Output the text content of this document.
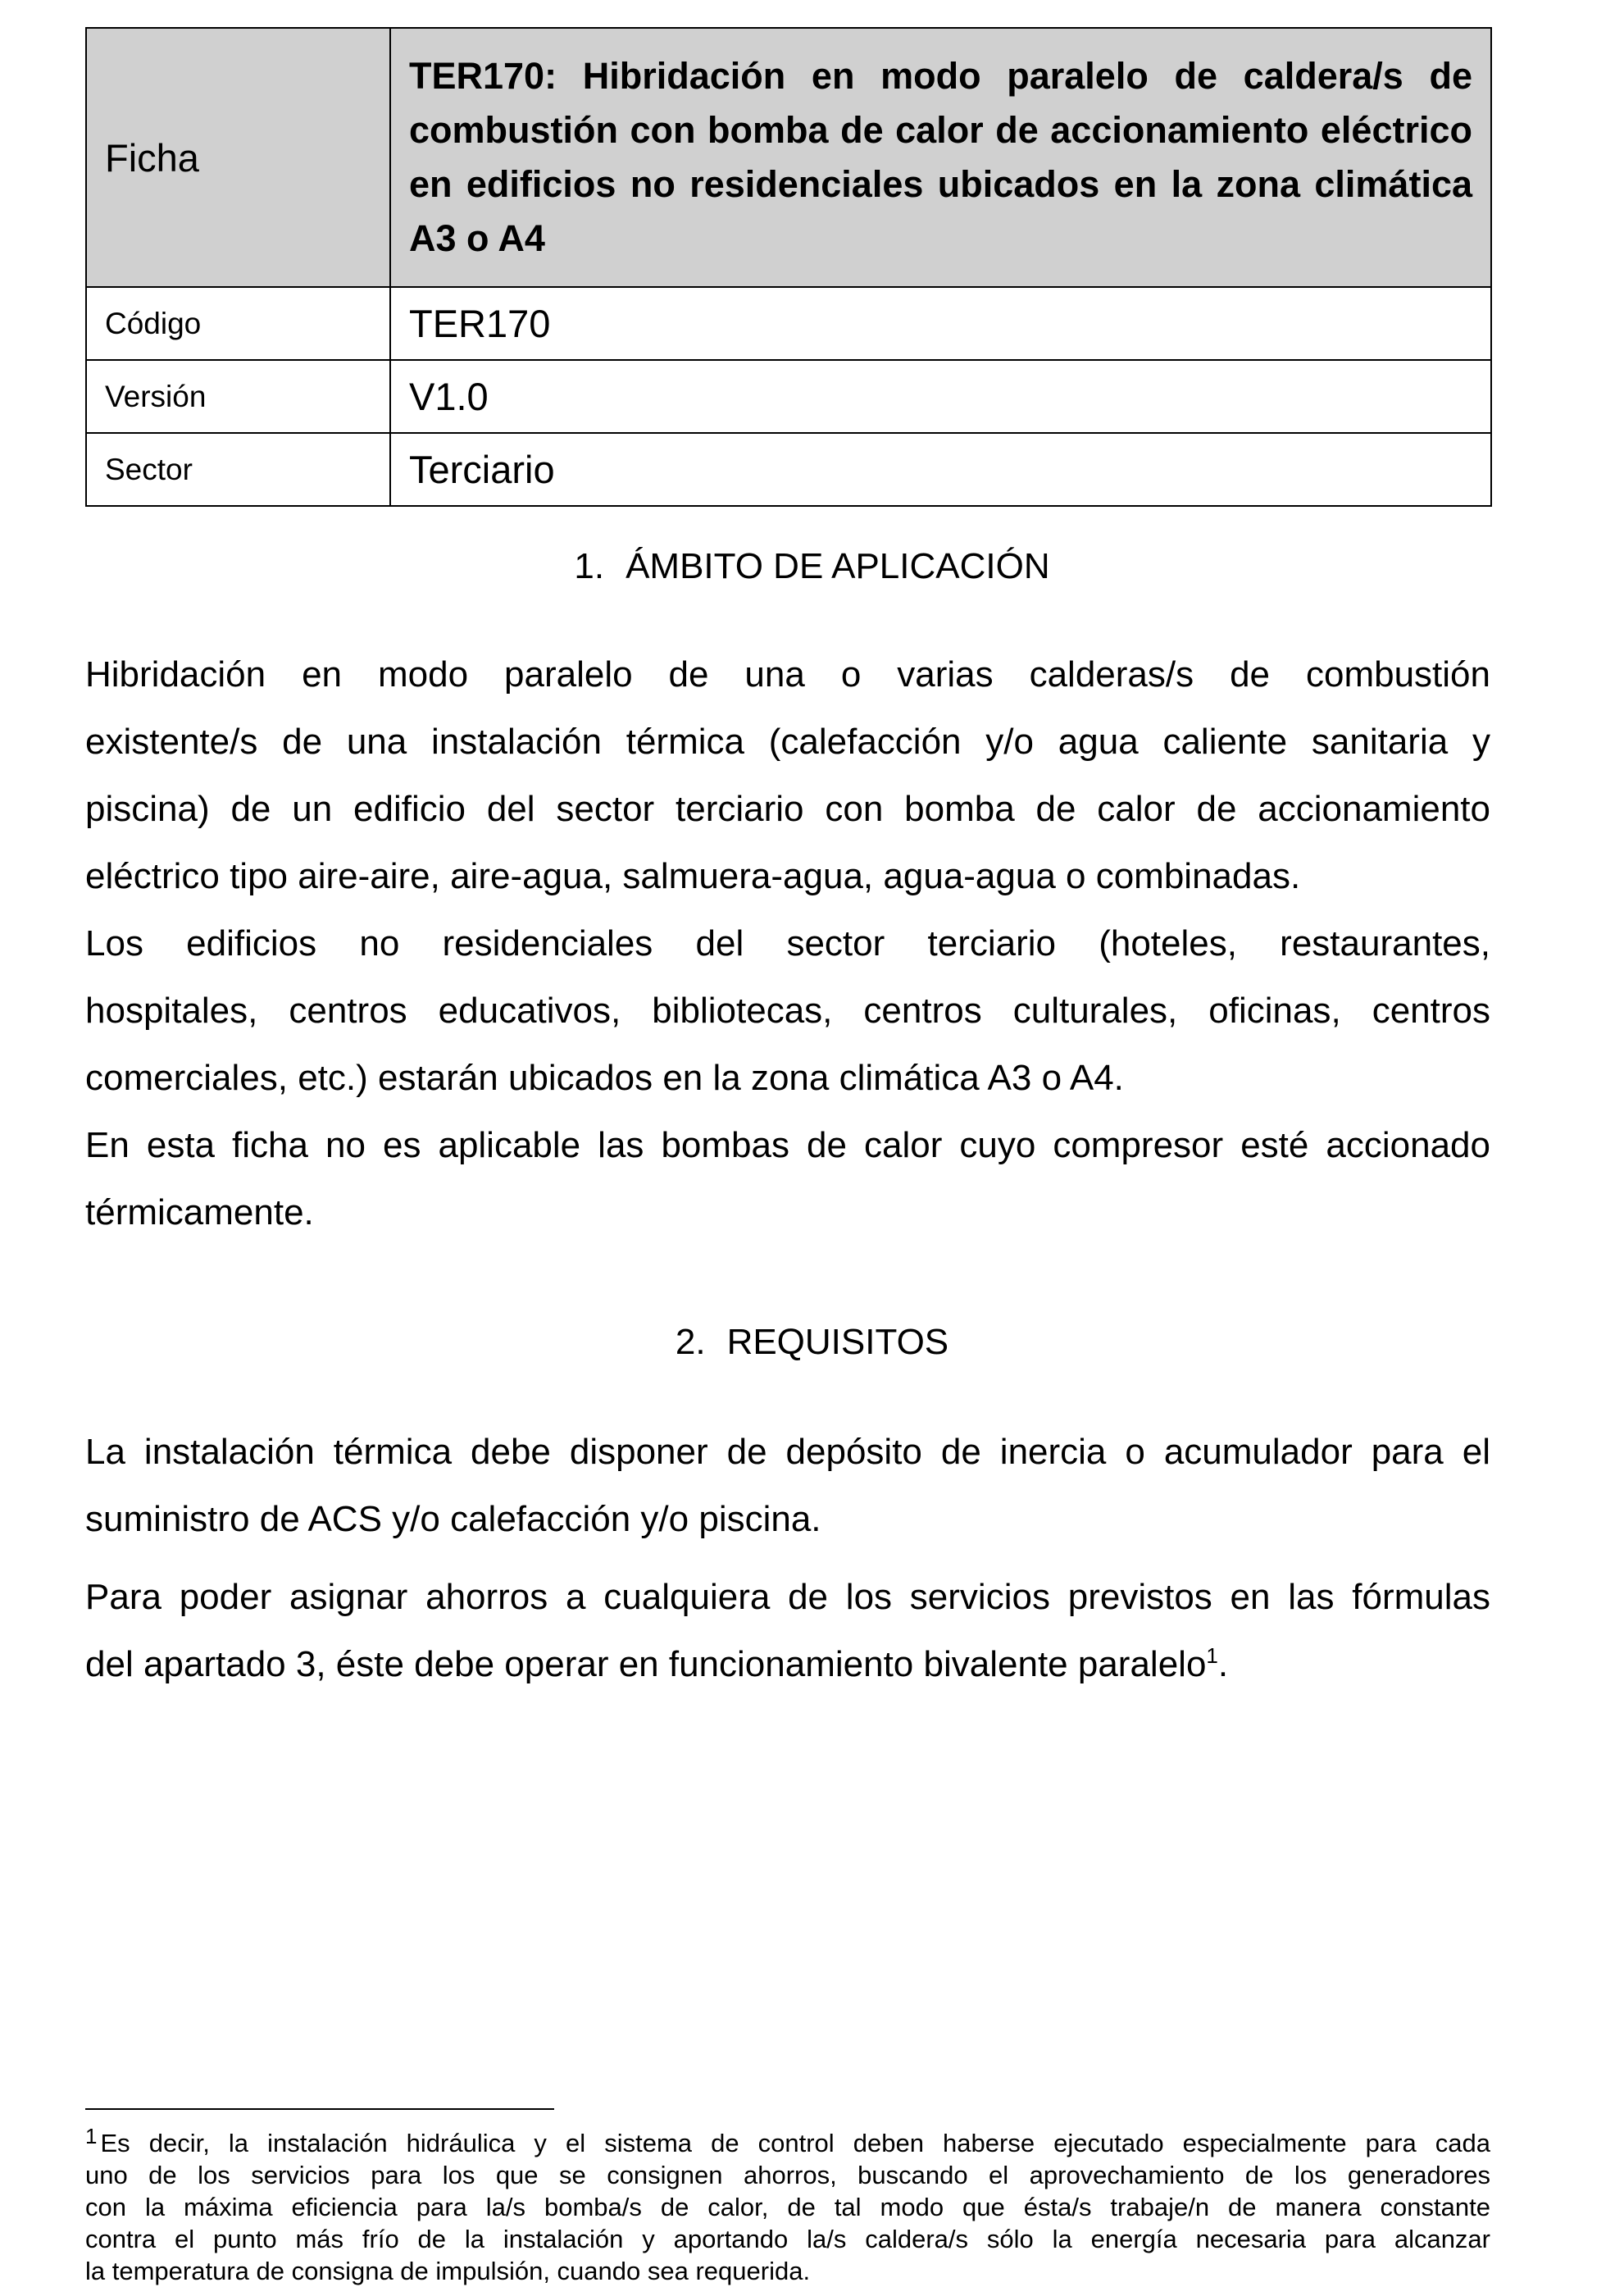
Ficha	TER170: Hibridación en modo paralelo de caldera/s de combustión con bomba de calor de accionamiento eléctrico en edificios no residenciales ubicados en la zona climática A3 o A4
Código	TER170
Versión	V1.0
Sector	Terciario
1. ÁMBITO DE APLICACIÓN
Hibridación en modo paralelo de una o varias calderas/s de combustión
existente/s de una instalación térmica (calefacción y/o agua caliente sanitaria y
piscina) de un edificio del sector terciario con bomba de calor de accionamiento
eléctrico tipo aire-aire, aire-agua, salmuera-agua, agua-agua o combinadas.
Los edificios no residenciales del sector terciario (hoteles, restaurantes,
hospitales, centros educativos, bibliotecas, centros culturales, oficinas, centros
comerciales, etc.) estarán ubicados en la zona climática A3 o A4.
En esta ficha no es aplicable las bombas de calor cuyo compresor esté accionado
térmicamente.
2. REQUISITOS
La instalación térmica debe disponer de depósito de inercia o acumulador para el
suministro de ACS y/o calefacción y/o piscina.
Para poder asignar ahorros a cualquiera de los servicios previstos en las fórmulas
del apartado 3, éste debe operar en funcionamiento bivalente paralelo$^1$.
$^1$ Es decir, la instalación hidráulica y el sistema de control deben haberse ejecutado especialmente para cada
uno de los servicios para los que se consignen ahorros, buscando el aprovechamiento de los generadores
con la máxima eficiencia para la/s bomba/s de calor, de tal modo que ésta/s trabaje/n de manera constante
contra el punto más frío de la instalación y aportando la/s caldera/s sólo la energía necesaria para alcanzar
la temperatura de consigna de impulsión, cuando sea requerida.
